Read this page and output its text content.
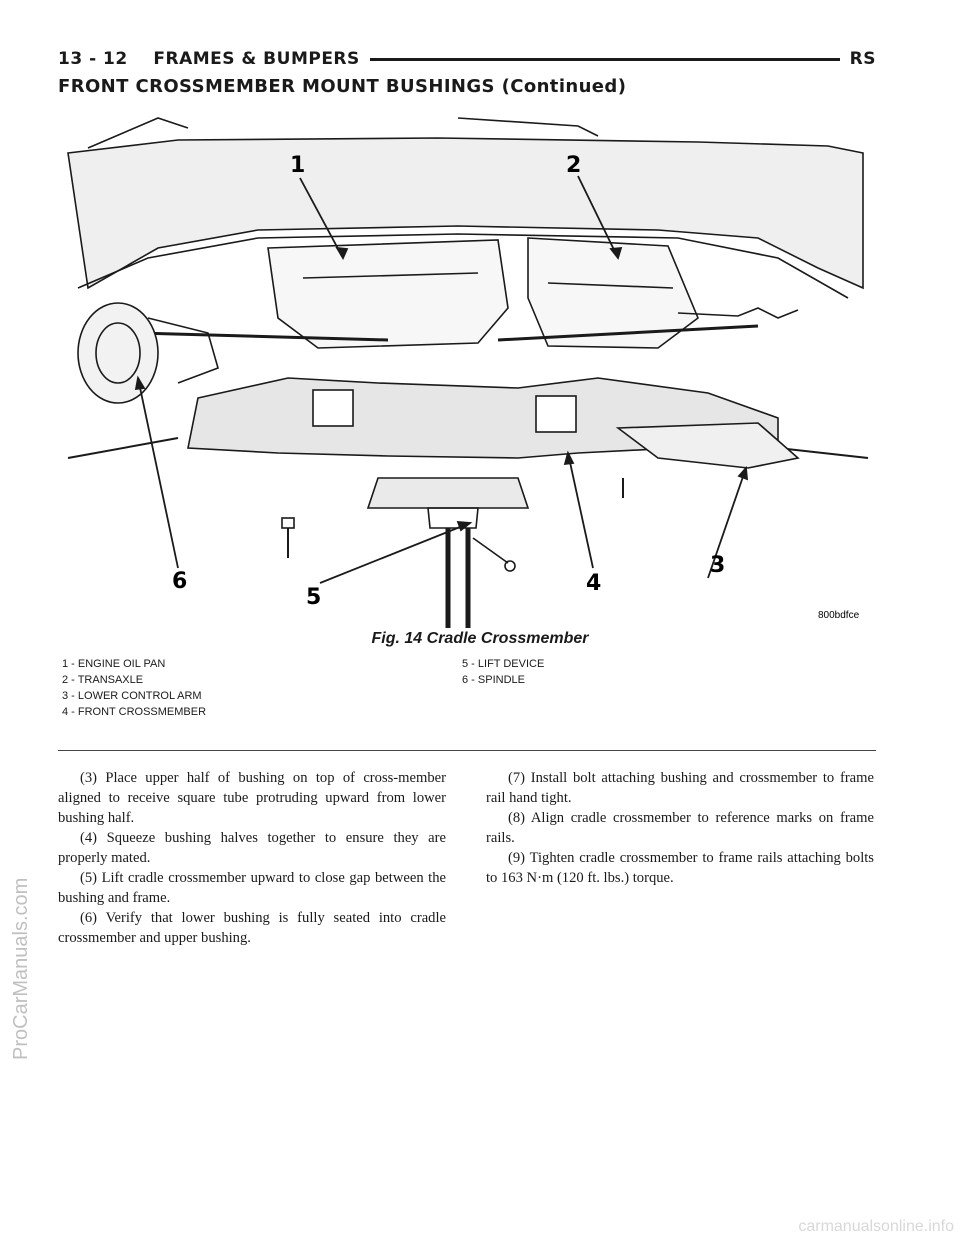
13 - 12    FRAMES & BUMPERS	RS
FRONT CROSSMEMBER MOUNT BUSHINGS (Continued)
1	2
3
4
5
6
800bdfce
Fig. 14 Cradle Crossmember
1 - ENGINE OIL PAN
2 - TRANSAXLE
3 - LOWER CONTROL ARM
4 - FRONT CROSSMEMBER
5 - LIFT DEVICE
6 - SPINDLE

(3) Place upper half of bushing on top of cross-member aligned to receive square tube protruding upward from lower bushing half.

(4) Squeeze bushing halves together to ensure they are properly mated.

(5) Lift cradle crossmember upward to close gap between the bushing and frame.

(6) Verify that lower bushing is fully seated into cradle crossmember and upper bushing.

(7) Install bolt attaching bushing and crossmember to frame rail hand tight.

(8) Align cradle crossmember to reference marks on frame rails.

(9) Tighten cradle crossmember to frame rails attaching bolts to 163 N·m (120 ft. lbs.) torque.

ProCarManuals.com
carmanualsonline.info
